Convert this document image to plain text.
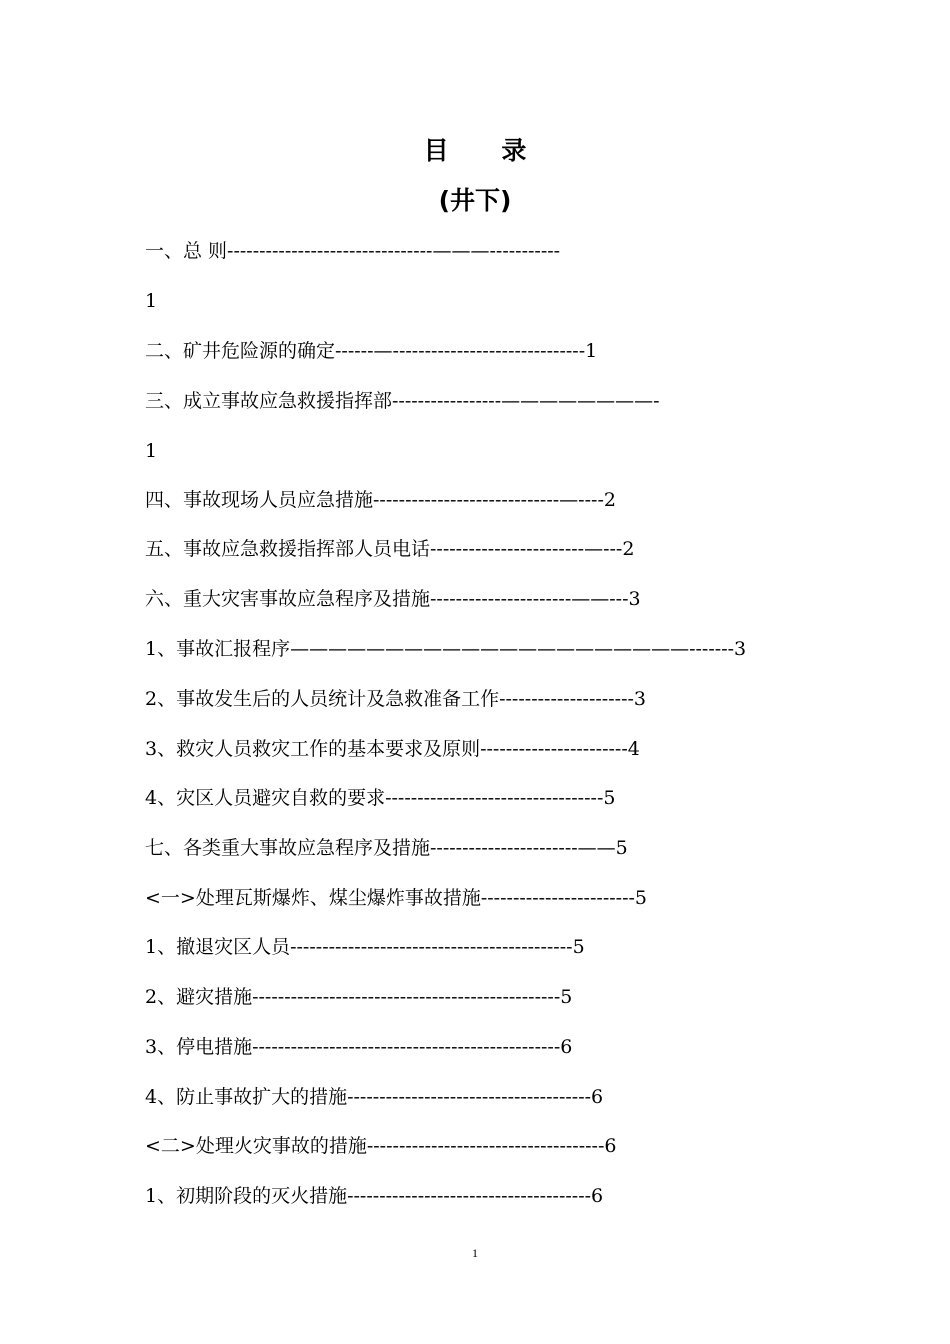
目 录
(井下)
一、总 则--------------------------------———-----------
1
二、矿井危险源的确定------—------------------------------1
三、成立事故应急救援指挥部-----------------————————-
1
四、事故现场人员应急措施-----------------------------—----2
五、事故应急救援指挥部人员电话------------------------—---2
六、重大灾害事故应急程序及措施----------------------——---3
1、事故汇报程序—————————————————————-------3
2、事故发生后的人员统计及急救准备工作---------------------3
3、救灾人员救灾工作的基本要求及原则-----------------------4
4、灾区人员避灾自救的要求----------------------------------5
七、各类重大事故应急程序及措施-----------------------——5
<一>处理瓦斯爆炸、煤尘爆炸事故措施------------------------5
1、撤退灾区人员--------------------------------------------5
2、避灾措施------------------------------------------------5
3、停电措施------------------------------------------------6
4、防止事故扩大的措施--------------------------------------6
<二>处理火灾事故的措施-------------------------------------6
1、初期阶段的灭火措施--------------------------------------6
1
